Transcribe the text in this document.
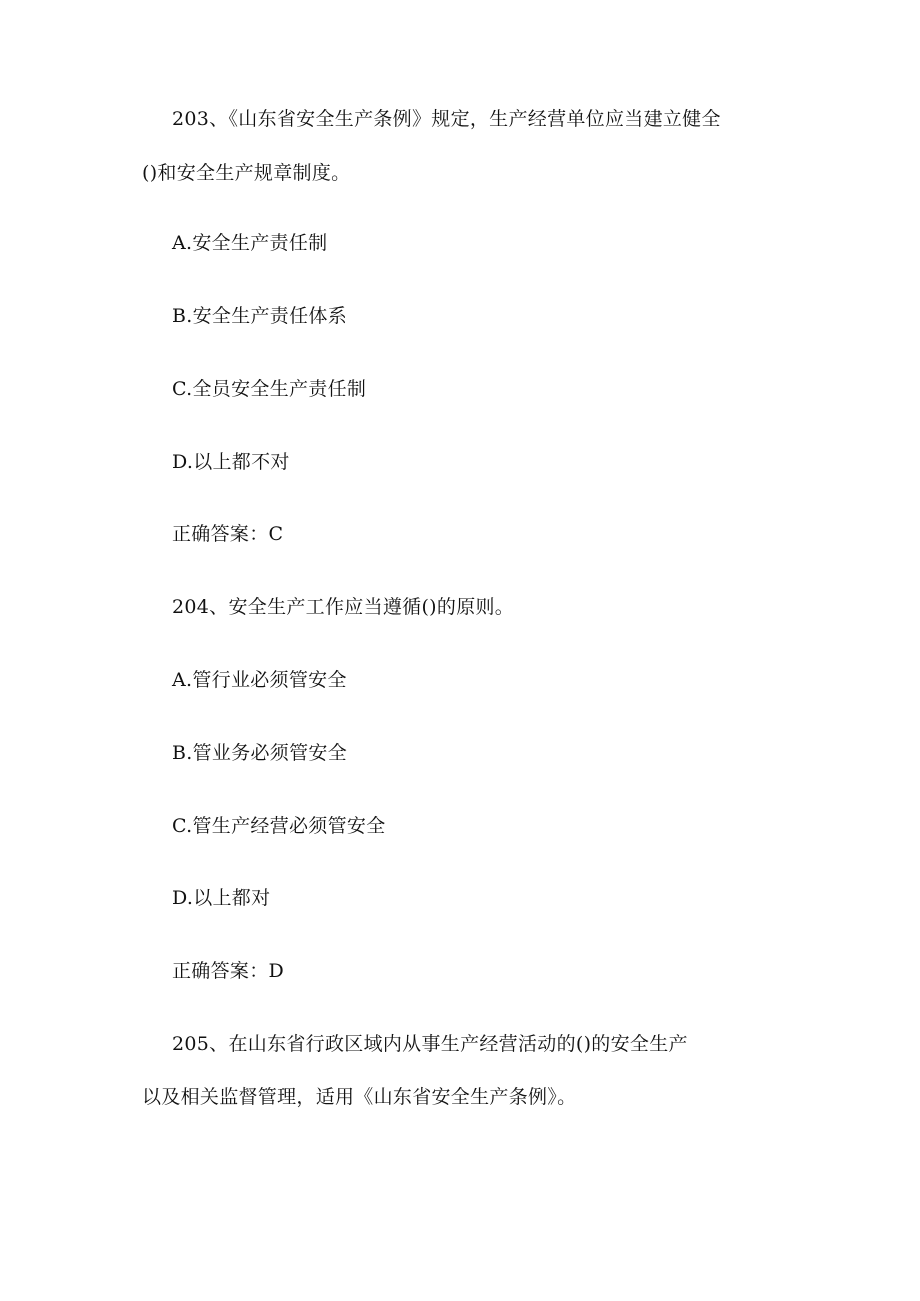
203、《山东省安全生产条例》规定，生产经营单位应当建立健全
()和安全生产规章制度。
A.安全生产责任制
B.安全生产责任体系
C.全员安全生产责任制
D.以上都不对
正确答案：C
204、安全生产工作应当遵循()的原则。
A.管行业必须管安全
B.管业务必须管安全
C.管生产经营必须管安全
D.以上都对
正确答案：D
205、在山东省行政区域内从事生产经营活动的()的安全生产
以及相关监督管理，适用《山东省安全生产条例》。
